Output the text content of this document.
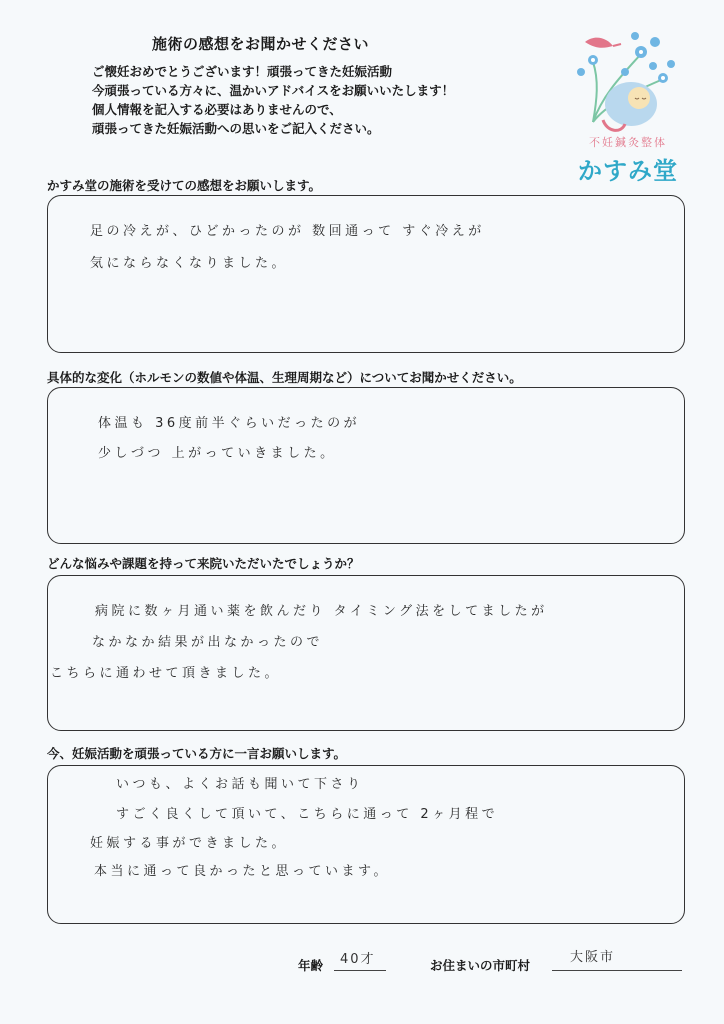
施術の感想をお聞かせください
ご懐妊おめでとうございます！頑張ってきた妊娠活動
今頑張っている方々に、温かいアドバイスをお願いいたします！
個人情報を記入する必要はありませんので、
頑張ってきた妊娠活動への思いをご記入ください。
不妊鍼灸整体
かすみ堂
かすみ堂の施術を受けての感想をお願いします。
足の冷えが、ひどかったのが 数回通って すぐ冷えが
気にならなくなりました。
具体的な変化（ホルモンの数値や体温、生理周期など）についてお聞かせください。
体温も 36度前半ぐらいだったのが
少しづつ 上がっていきました。
どんな悩みや課題を持って来院いただいたでしょうか？
病院に数ヶ月通い薬を飲んだり タイミング法をしてましたが
なかなか結果が出なかったので
こちらに通わせて頂きました。
今、妊娠活動を頑張っている方に一言お願いします。
いつも、よくお話も聞いて下さり
すごく良くして頂いて、こちらに通って 2ヶ月程で
妊娠する事ができました。
本当に通って良かったと思っています。
年齢 40才	お住まいの市町村
大阪市
